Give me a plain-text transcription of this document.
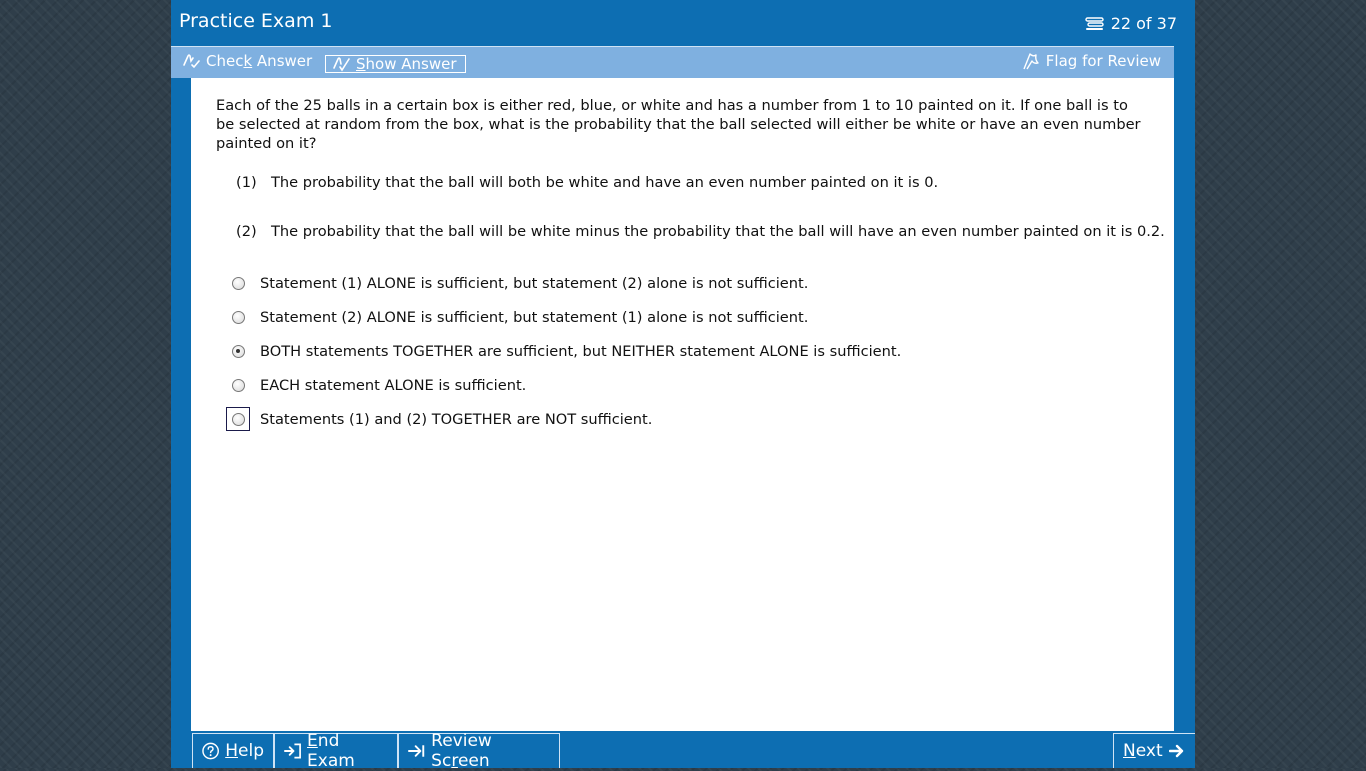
Practice Exam 1	22 of 37
Check Answer	Show Answer	Flag for Review
Each of the 25 balls in a certain box is either red, blue, or white and has a number from 1 to 10 painted on it. If one ball is to be selected at random from the box, what is the probability that the ball selected will either be white or have an even number painted on it?
(1) The probability that the ball will both be white and have an even number painted on it is 0.
(2) The probability that the ball will be white minus the probability that the ball will have an even number painted on it is 0.2.
Statement (1) ALONE is sufficient, but statement (2) alone is not sufficient.
Statement (2) ALONE is sufficient, but statement (1) alone is not sufficient.
BOTH statements TOGETHER are sufficient, but NEITHER statement ALONE is sufficient.
EACH statement ALONE is sufficient.
Statements (1) and (2) TOGETHER are NOT sufficient.
Help	End Exam
Review Screen	Next
